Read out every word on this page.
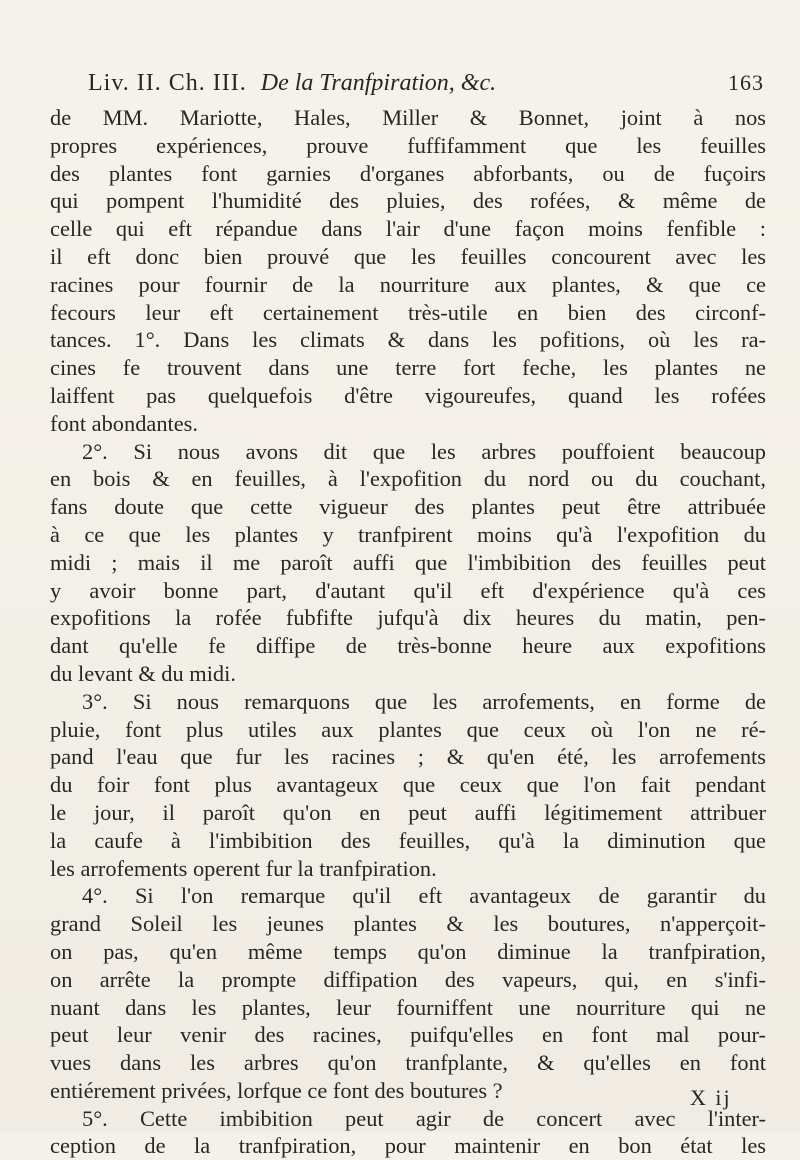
Liv. II. Ch. III. De la Tranfpiration, &c.	163
de MM. Mariotte, Hales, Miller & Bonnet, joint à nos
propres expériences, prouve fuffifamment que les feuilles
des plantes font garnies d'organes abforbants, ou de fuçoirs
qui pompent l'humidité des pluies, des rofées, & même de
celle qui eft répandue dans l'air d'une façon moins fenfible :
il eft donc bien prouvé que les feuilles concourent avec les
racines pour fournir de la nourriture aux plantes, & que ce
fecours leur eft certainement très-utile en bien des circonf-
tances. 1°. Dans les climats & dans les pofitions, où les ra-
cines fe trouvent dans une terre fort feche, les plantes ne
laiffent pas quelquefois d'être vigoureufes, quand les rofées
font abondantes.
2°. Si nous avons dit que les arbres pouffoient beaucoup
en bois & en feuilles, à l'expofition du nord ou du couchant,
fans doute que cette vigueur des plantes peut être attribuée
à ce que les plantes y tranfpirent moins qu'à l'expofition du
midi ; mais il me paroît auffi que l'imbibition des feuilles peut
y avoir bonne part, d'autant qu'il eft d'expérience qu'à ces
expofitions la rofée fubfifte jufqu'à dix heures du matin, pen-
dant qu'elle fe diffipe de très-bonne heure aux expofitions
du levant & du midi.
3°. Si nous remarquons que les arrofements, en forme de
pluie, font plus utiles aux plantes que ceux où l'on ne ré-
pand l'eau que fur les racines ; & qu'en été, les arrofements
du foir font plus avantageux que ceux que l'on fait pendant
le jour, il paroît qu'on en peut auffi légitimement attribuer
la caufe à l'imbibition des feuilles, qu'à la diminution que
les arrofements operent fur la tranfpiration.
4°. Si l'on remarque qu'il eft avantageux de garantir du
grand Soleil les jeunes plantes & les boutures, n'apperçoit-
on pas, qu'en même temps qu'on diminue la tranfpiration,
on arrête la prompte diffipation des vapeurs, qui, en s'infi-
nuant dans les plantes, leur fourniffent une nourriture qui ne
peut leur venir des racines, puifqu'elles en font mal pour-
vues dans les arbres qu'on tranfplante, & qu'elles en font
entiérement privées, lorfque ce font des boutures ?
5°. Cette imbibition peut agir de concert avec l'inter-
ception de la tranfpiration, pour maintenir en bon état les
X ij
